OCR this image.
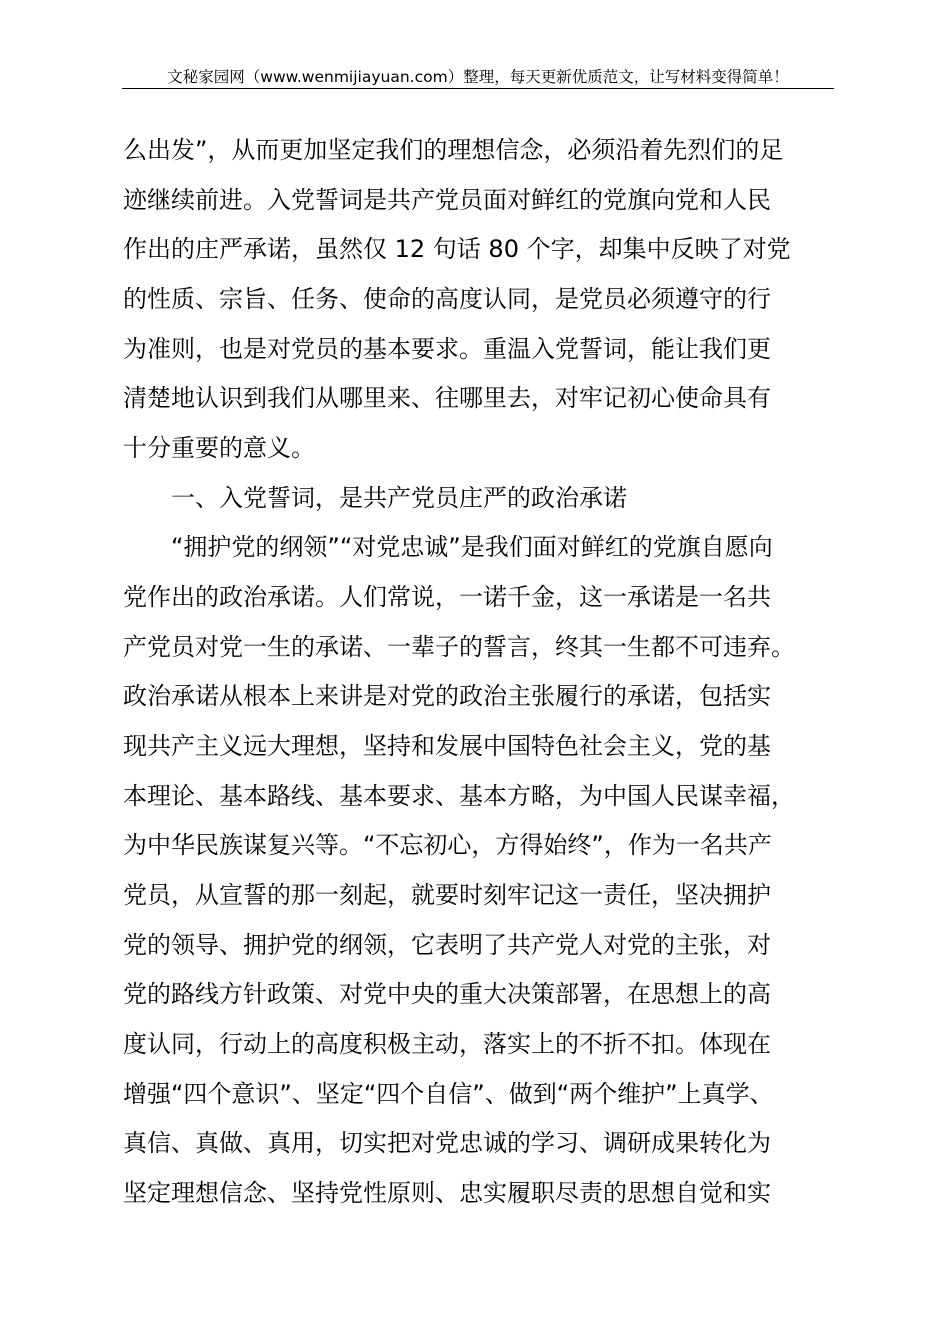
文秘家园网（www.wenmijiayuan.com）整理，每天更新优质范文，让写材料变得简单！
么出发”，从而更加坚定我们的理想信念，必须沿着先烈们的足
迹继续前进。入党誓词是共产党员面对鲜红的党旗向党和人民
作出的庄严承诺，虽然仅 12 句话 80 个字，却集中反映了对党
的性质、宗旨、任务、使命的高度认同，是党员必须遵守的行
为准则，也是对党员的基本要求。重温入党誓词，能让我们更
清楚地认识到我们从哪里来、往哪里去，对牢记初心使命具有
十分重要的意义。
　　一、入党誓词，是共产党员庄严的政治承诺
　　“拥护党的纲领”“对党忠诚”是我们面对鲜红的党旗自愿向
党作出的政治承诺。人们常说，一诺千金，这一承诺是一名共
产党员对党一生的承诺、一辈子的誓言，终其一生都不可违弃。
政治承诺从根本上来讲是对党的政治主张履行的承诺，包括实
现共产主义远大理想，坚持和发展中国特色社会主义，党的基
本理论、基本路线、基本要求、基本方略，为中国人民谋幸福，
为中华民族谋复兴等。“不忘初心，方得始终”，作为一名共产
党员，从宣誓的那一刻起，就要时刻牢记这一责任，坚决拥护
党的领导、拥护党的纲领，它表明了共产党人对党的主张，对
党的路线方针政策、对党中央的重大决策部署，在思想上的高
度认同，行动上的高度积极主动，落实上的不折不扣。体现在
增强“四个意识”、坚定“四个自信”、做到“两个维护”上真学、
真信、真做、真用，切实把对党忠诚的学习、调研成果转化为
坚定理想信念、坚持党性原则、忠实履职尽责的思想自觉和实
